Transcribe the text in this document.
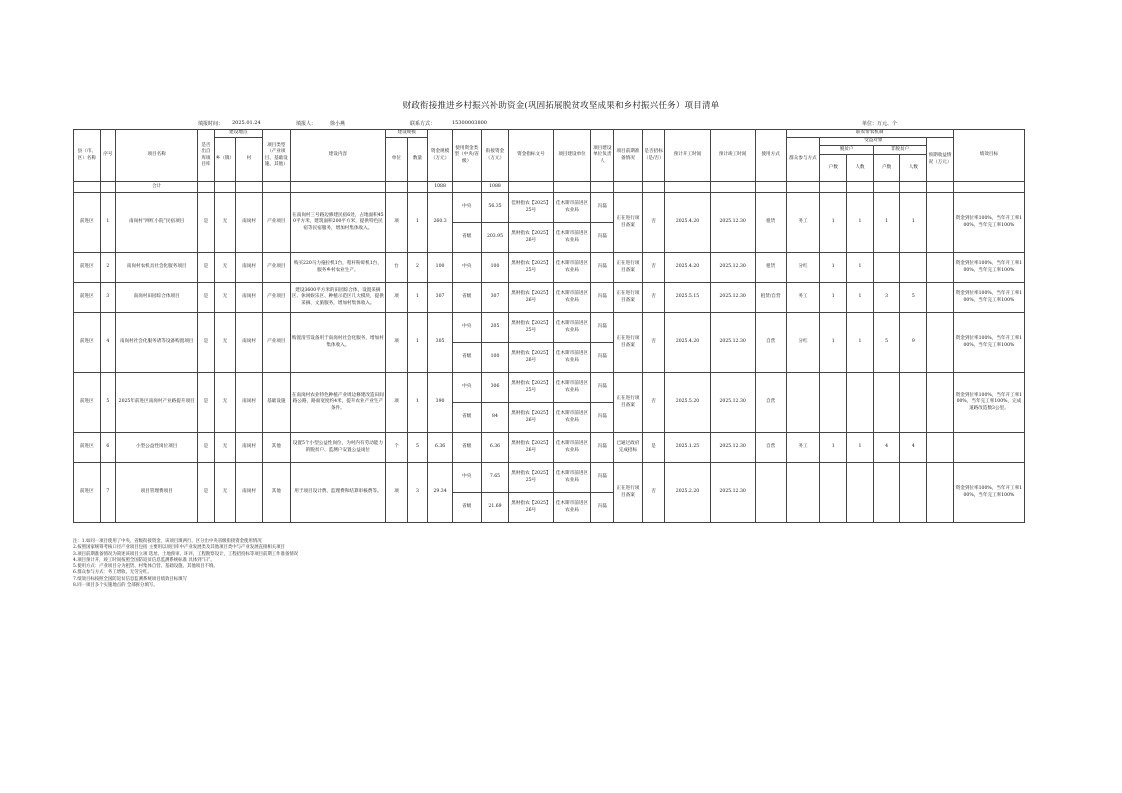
财政衔接推进乡村振兴补助资金(巩固拓展脱贫攻坚成果和乡村振兴任务）项目清单
填报时间： 2025.01.24	填报人：	徐小燕	联系方式：	15300003800	单位：万元、个
县（市、区）名称	序号	项目名称	是否出自库项目库	建设地点		项目类型（产业项目、基础设施、其他）	建设内容	建设规模		资金规模（万元）	使用资金类型（中央/省级）	衔接资金（万元）	资金指标文号	项目建设单位	项目建设单位负责人	项目前期准备情况	是否招标（是/否）	预计开工时间	预计竣工时间	使用方式	联农带农机制						绩效目标
				乡（镇）	村			单位	数量												群众参与方式	受益对象				预期收益情况（万元）	
																						脱贫户		非脱贫户			
																						户数	人数	户数	人数		
		合计								1088		1088															
前进区	1	南岗村“网红小院”民宿项目	是	无	南岗村	产业项目	在南岗村三号路边修建民宿6处，占地面积450平方米，建筑面积200平方米，提供特色民宿等民宿服务，增加村集体收入。	项	1	260.3	中央	56.35	佳财指农【2025】25号	佳木斯市前进区农业局	冯磊	正在进行项目备案	否	2025.4.20	2025.12.30	租赁	务工	1	1	1	1		资金到位率100%，当年开工率100%，当年完工率100%
											省级	203.95	黑财指农【2025】26号	佳木斯市前进区农业局	冯磊												
前进区	2	南岗村农机具社会化服务项目	是	无	南岗村	产业项目	购买220马力拖拉机1台，秸秆粉碎机1台，服务乡村农业生产。	台	2	100	中央	100	黑财指农【2025】25号	佳木斯市前进区农业局	冯磊	正在进行项目备案	否	2025.4.20	2025.12.30	租赁	分红	1	1				资金到位率100%，当年开工率100%，当年完工率100%
前进区	3	南岗村田园综合体项目	是	无	南岗村	产业项目	建设3600平方米的田园综合体，设置采摘区、休闲娱乐区、种植示范区几大模块，提供采摘、文旅服务，增加村集体收入。	项	1	307	省级	307	黑财指农【2025】26号	佳木斯市前进区农业局	冯磊	正在进行项目备案	否	2025.5.15	2025.12.30	租赁/自营	务工	1	1	3	5		资金到位率100%，当年开工率100%，当年完工率100%
前进区	4	南岗村社会化服务诸等设备购置项目	是	无	南岗村	产业项目	购置清雪设备用于南岗村社会化服务，增加村集体收入。	项	1	305	中央	205	黑财指农【2025】25号	佳木斯市前进区农业局	冯磊	正在进行项目备案	否	2025.4.20	2025.12.30	自营	分红	1	1	5	9		资金到位率100%，当年开工率100%，当年完工率100%
											省级	100	黑财指农【2025】26号	佳木斯市前进区农业局	冯磊												
前进区	5	2025年前进区南岗村产业路提升项目	是	无	南岗村	基础设施	在南岗村农业特色种植产业周边修建改造田间路公路，路面宽度约4米，提升农业产业生产条件。	项	1	390	中央	306	黑财指农【2025】25号	佳木斯市前进区农业局	冯磊	正在进行项目备案	否	2025.5.20	2025.12.30	自营							资金到位率100%，当年开工率100%，当年完工率100%，完成道路改造数3公里。
											省级	84	黑财指农【2025】26号	佳木斯市前进区农业局	冯磊												
前进区	6	小型公益性岗位项目	是	无	南岗村	其他	设置5个小型公益性岗位，为村内有劳动能力的脱贫户、监测户安置公益岗位	个	5	6.36	省级	6.36	黑财指农【2025】26号	佳木斯市前进区农业局	冯磊	已通过政府完成招标	是	2025.1.25	2025.12.30	自营	务工	1	1	4	4		
前进区	7	项目管理费项目	是	无	南岗村	其他	用于项目设计费、监理费和结算审核费等。	项	3	29.34	中央	7.65	黑财指农【2025】25号	佳木斯市前进区农业局	冯磊	正在进行项目备案	否	2025.2.20	2025.12.30								资金到位率100%，当年开工率100%，当年完工率100%
											省级	21.69	黑财指农【2025】26号	佳木斯市前进区农业局	冯磊												
注：1.如同一项目使用了中央、省级衔接资金，该项目填两行，区分出中央省级衔接资金使用情况
2.按照国家统筹考核口径产业项目包括 主要用以项目库中产业发展类及其他项目类中与产业发展直接相关项目
3.项目前期准备情况为简述该项目立项 选址、土地预审、环评、工程勘察设计、工程招投标等项目前期工作准备情况
4.项目预计开，竣工时间按照全国防返贫信息监测系统标准 具体到“日”。
5.使用方式：产业项目分为租赁、村集体自营、基础设施、其他项目不填。
6.群众参与方式：务工增收、无劳分红。
7.绩效目标按照全国防返贫信息监测系统项目绩效目标填写
8.同一项目多个实施地点的 全部拆分填写。
